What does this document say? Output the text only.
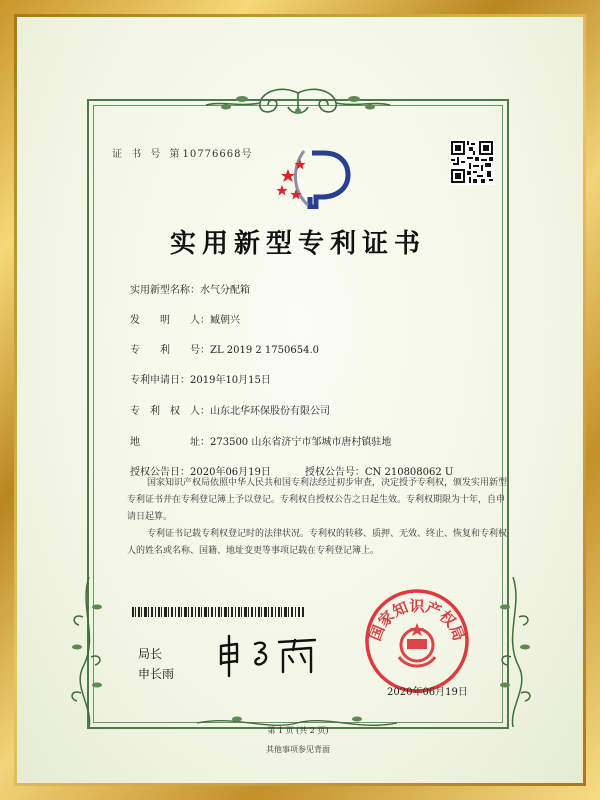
证 书 号 第10776668号
实用新型专利证书
实用新型名称：水气分配箱
发　　明　　人：臧朝兴
专　　利　　号：ZL 2019 2 1750654.0
专利申请日：2019年10月15日
专　利　权　人：山东北华环保股份有限公司
地　　　　　址：273500 山东省济宁市邹城市唐村镇驻地
授权公告日：2020年06月19日	授权公告号：CN 210808062 U

国家知识产权局依照中华人民共和国专利法经过初步审查，决定授予专利权，颁发实用新型专利证书并在专利登记簿上予以登记。专利权自授权公告之日起生效。专利权期限为十年，自申请日起算。

专利证书记载专利权登记时的法律状况。专利权的转移、质押、无效、终止、恢复和专利权人的姓名或名称、国籍、地址变更等事项记载在专利登记簿上。

局长
申长雨
国家知识产权局
2020年06月19日
第 1 页 (共 2 页)
其他事项参见背面
